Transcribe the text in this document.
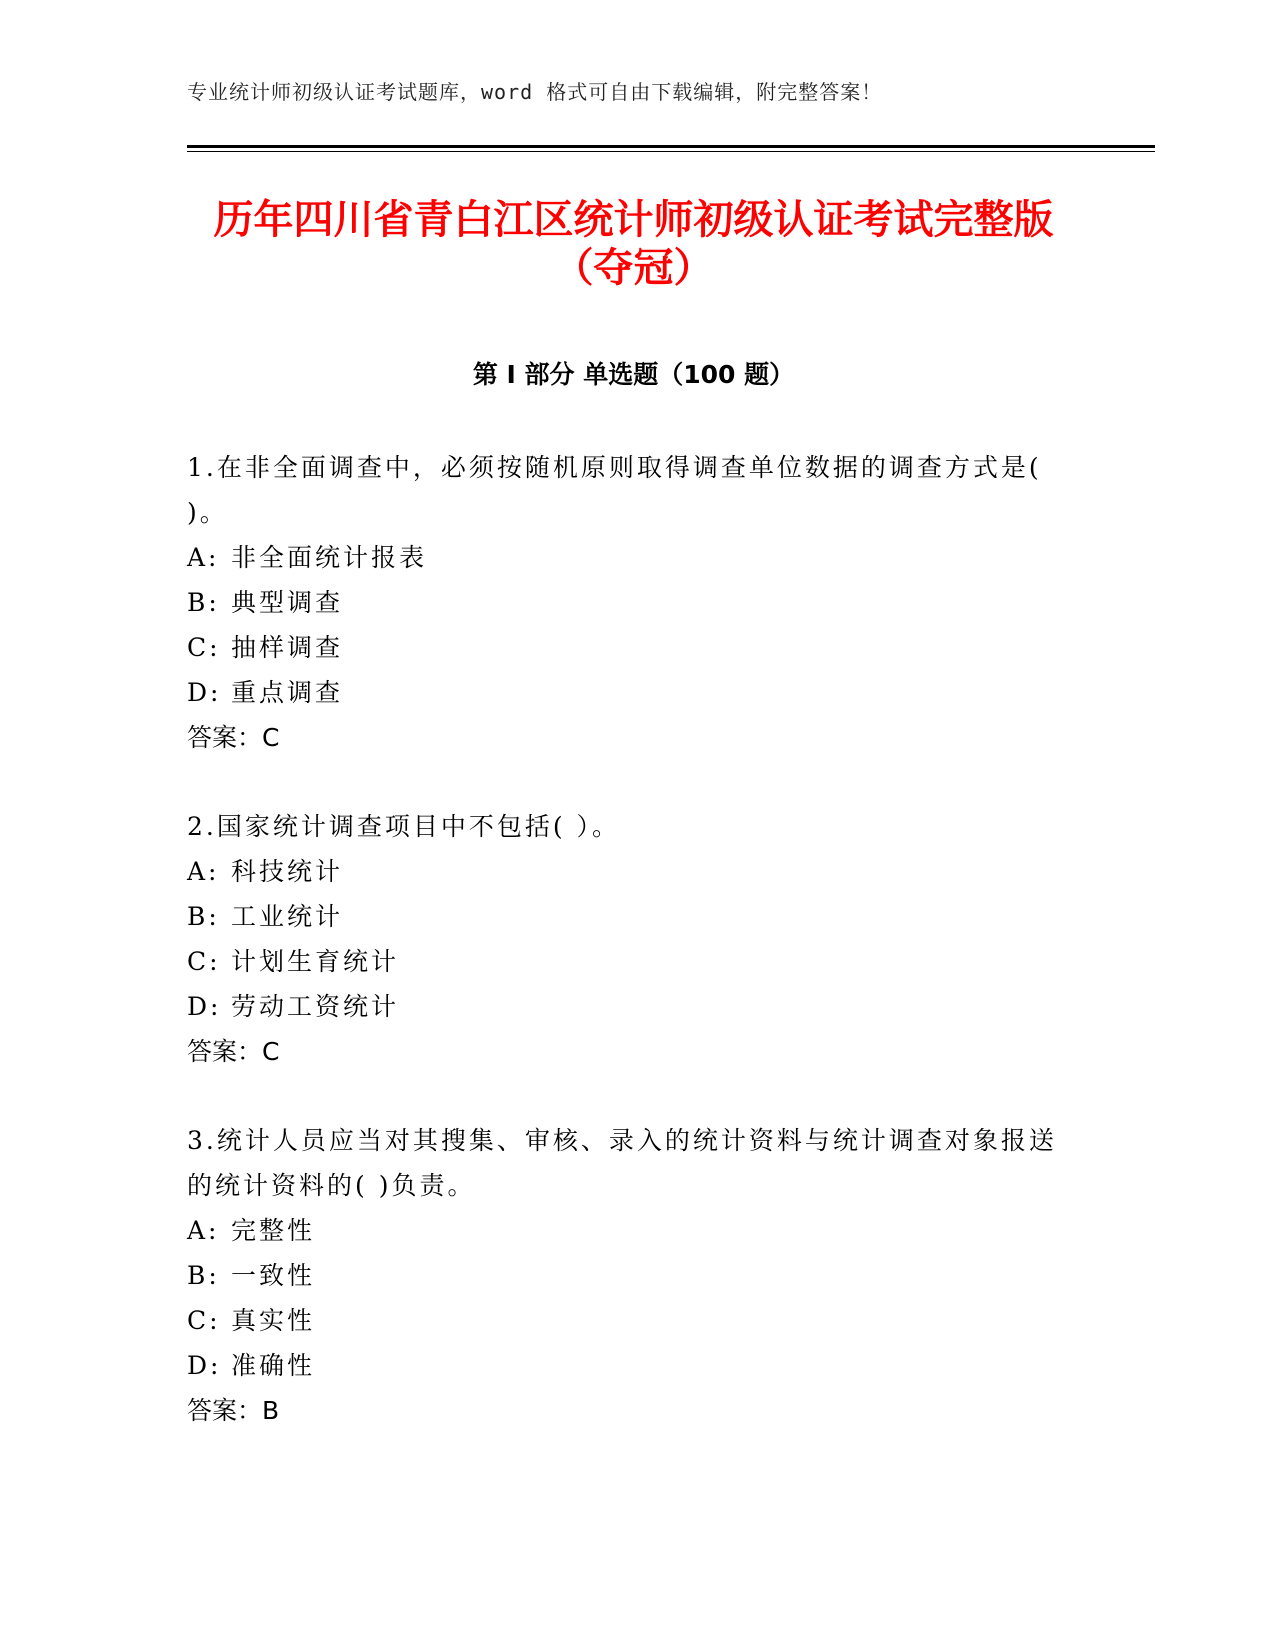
专业统计师初级认证考试题库，word 格式可自由下载编辑，附完整答案！
历年四川省青白江区统计师初级认证考试完整版（夺冠）
第 I 部分 单选题（100 题）

1.在非全面调查中，必须按随机原则取得调查单位数据的调查方式是( )。

A: 非全面统计报表

B: 典型调查

C: 抽样调查

D: 重点调查

答案：C

2.国家统计调查项目中不包括( ）。

A: 科技统计

B: 工业统计

C: 计划生育统计

D: 劳动工资统计

答案：C

3.统计人员应当对其搜集、审核、录入的统计资料与统计调查对象报送的统计资料的( )负责。

A: 完整性

B: 一致性

C: 真实性

D: 准确性

答案：B
